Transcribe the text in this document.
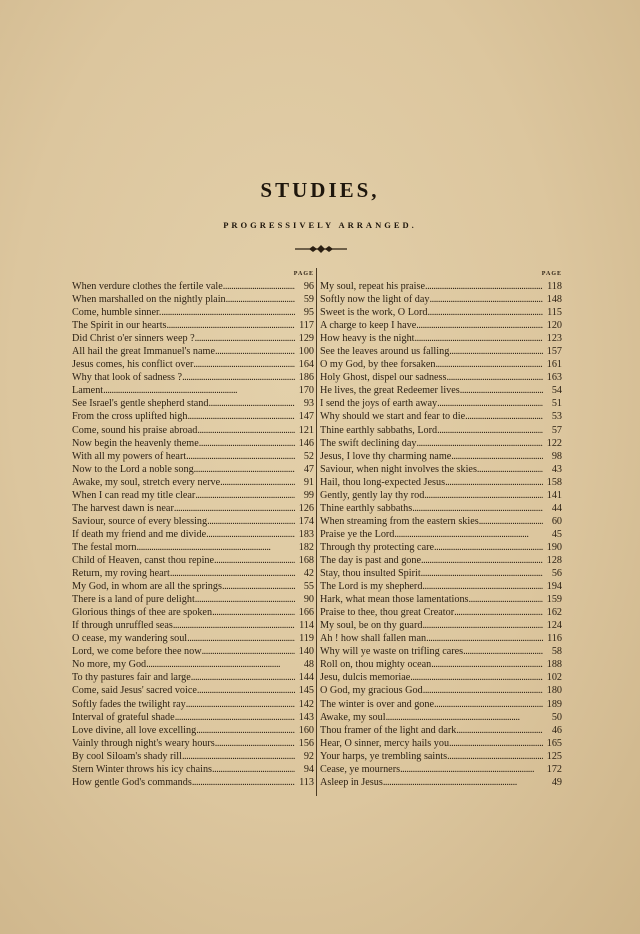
STUDIES,
PROGRESSIVELY ARRANGED.
PAGE
When verdure clothes the fertile vale . . .	96
When marshalled on the nightly plain . . .	59
Come, humble sinner. . . .	95
The Spirit in our hearts . . .	117
Did Christ o'er sinners weep ? . . .	129
All hail the great Immanuel's name . . .	100
Jesus comes, his conflict over . . .	164
Why that look of sadness ? . . .	186
Lament . . .	170
See Israel's gentle shepherd stand . . .	93
From the cross uplifted high . . .	147
Come, sound his praise abroad . . .	121
Now begin the heavenly theme . . .	146
With all my powers of heart . . .	52
Now to the Lord a noble song . . .	47
Awake, my soul, stretch every nerve . . .	91
When I can read my title clear . . .	99
The harvest dawn is near . . .	126
Saviour, source of every blessing . . .	174
If death my friend and me divide . . .	183
The festal morn . . .	182
Child of Heaven, canst thou repine . . .	168
Return, my roving heart . . .	42
My God, in whom are all the springs . . .	55
There is a land of pure delight . . .	90
Glorious things of thee are spoken . . .	166
If through unruffled seas . . .	114
O cease, my wandering soul . . .	119
Lord, we come before thee now . . .	140
No more, my God . . .	48
To thy pastures fair and large . . .	144
Come, said Jesus' sacred voice . . .	145
Softly fades the twilight ray . . .	142
Interval of grateful shade . . .	143
Love divine, all love excelling . . .	160
Vainly through night's weary hours . . .	156
By cool Siloam's shady rill . . .	92
Stern Winter throws his icy chains . . .	94
How gentle God's commands . . .	113
PAGE
My soul, repeat his praise . . .	118
Softly now the light of day . . .	148
Sweet is the work, O Lord . . .	115
A charge to keep I have . . .	120
How heavy is the night . . .	123
See the leaves around us falling . . .	157
O my God, by thee forsaken . . .	161
Holy Ghost, dispel our sadness . . .	163
He lives, the great Redeemer lives . . .	54
I send the joys of earth away . . .	51
Why should we start and fear to die . . .	53
Thine earthly sabbaths, Lord . . .	57
The swift declining day . . .	122
Jesus, I love thy charming name . . .	98
Saviour, when night involves the skies . . .	43
Hail, thou long-expected Jesus . . .	158
Gently, gently lay thy rod . . .	141
Thine earthly sabbaths . . .	44
When streaming from the eastern skies . . .	60
Praise ye the Lord . . .	45
Through thy protecting care . . .	190
The day is past and gone . . .	128
Stay, thou insulted Spirit . . .	56
The Lord is my shepherd . . .	194
Hark, what mean those lamentations . . .	159
Praise to thee, thou great Creator . . .	162
My soul, be on thy guard . . .	124
Ah ! how shall fallen man . . .	116
Why will ye waste on trifling cares . . .	58
Roll on, thou mighty ocean . . .	188
Jesu, dulcis memoriae . . .	102
O God, my gracious God . . .	180
The winter is over and gone . . .	189
Awake, my soul . . .	50
Thou framer of the light and dark . . .	46
Hear, O sinner, mercy hails you . . .	165
Your harps, ye trembling saints . . .	125
Cease, ye mourners . . .	172
Asleep in Jesus . . .	49
